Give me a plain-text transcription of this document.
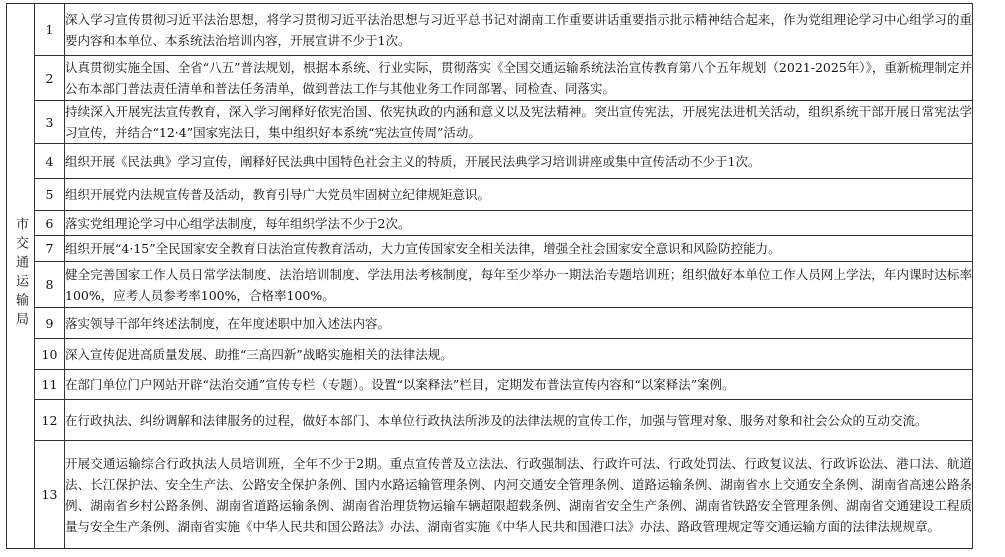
市交通运输局	1	深入学习宣传贯彻习近平法治思想，将学习贯彻习近平法治思想与习近平总书记对湖南工作重要讲话重要指示批示精神结合起来，作为党组理论学习中心组学习的重要内容和本单位、本系统法治培训内容，开展宣讲不少于1次。
	2	认真贯彻实施全国、全省“八五”普法规划，根据本系统、行业实际，贯彻落实《全国交通运输系统法治宣传教育第八个五年规划（2021-2025年）》，重新梳理制定并公布本部门普法责任清单和普法任务清单，做到普法工作与其他业务工作同部署、同检查、同落实。
	3	持续深入开展宪法宣传教育，深入学习阐释好依宪治国、依宪执政的内涵和意义以及宪法精神。突出宣传宪法，开展宪法进机关活动，组织系统干部开展日常宪法学习宣传，并结合“12·4”国家宪法日，集中组织好本系统“宪法宣传周”活动。
	4	组织开展《民法典》学习宣传，阐释好民法典中国特色社会主义的特质，开展民法典学习培训讲座或集中宣传活动不少于1次。
	5	组织开展党内法规宣传普及活动，教育引导广大党员牢固树立纪律规矩意识。
	6	落实党组理论学习中心组学法制度，每年组织学法不少于2次。
	7	组织开展“4·15”全民国家安全教育日法治宣传教育活动，大力宣传国家安全相关法律，增强全社会国家安全意识和风险防控能力。
	8	健全完善国家工作人员日常学法制度、法治培训制度、学法用法考核制度，每年至少举办一期法治专题培训班；组织做好本单位工作人员网上学法，年内课时达标率100%，应考人员参考率100%，合格率100%。
	9	落实领导干部年终述法制度，在年度述职中加入述法内容。
	10	深入宣传促进高质量发展、助推“三高四新”战略实施相关的法律法规。
	11	在部门单位门户网站开辟“法治交通”宣传专栏（专题）。设置“以案释法”栏目，定期发布普法宣传内容和“以案释法”案例。
	12	在行政执法、纠纷调解和法律服务的过程，做好本部门、本单位行政执法所涉及的法律法规的宣传工作，加强与管理对象、服务对象和社会公众的互动交流。
	13	开展交通运输综合行政执法人员培训班，全年不少于2期。重点宣传普及立法法、行政强制法、行政许可法、行政处罚法、行政复议法、行政诉讼法、港口法、航道法、长江保护法、安全生产法、公路安全保护条例、国内水路运输管理条例、内河交通安全管理条例、道路运输条例、湖南省水上交通安全条例、湖南省高速公路条例、湖南省乡村公路条例、湖南省道路运输条例、湖南省治理货物运输车辆超限超载条例、湖南省安全生产条例、湖南省铁路安全管理条例、湖南省交通建设工程质量与安全生产条例、湖南省实施《中华人民共和国公路法》办法、湖南省实施《中华人民共和国港口法》办法、路政管理规定等交通运输方面的法律法规规章。
